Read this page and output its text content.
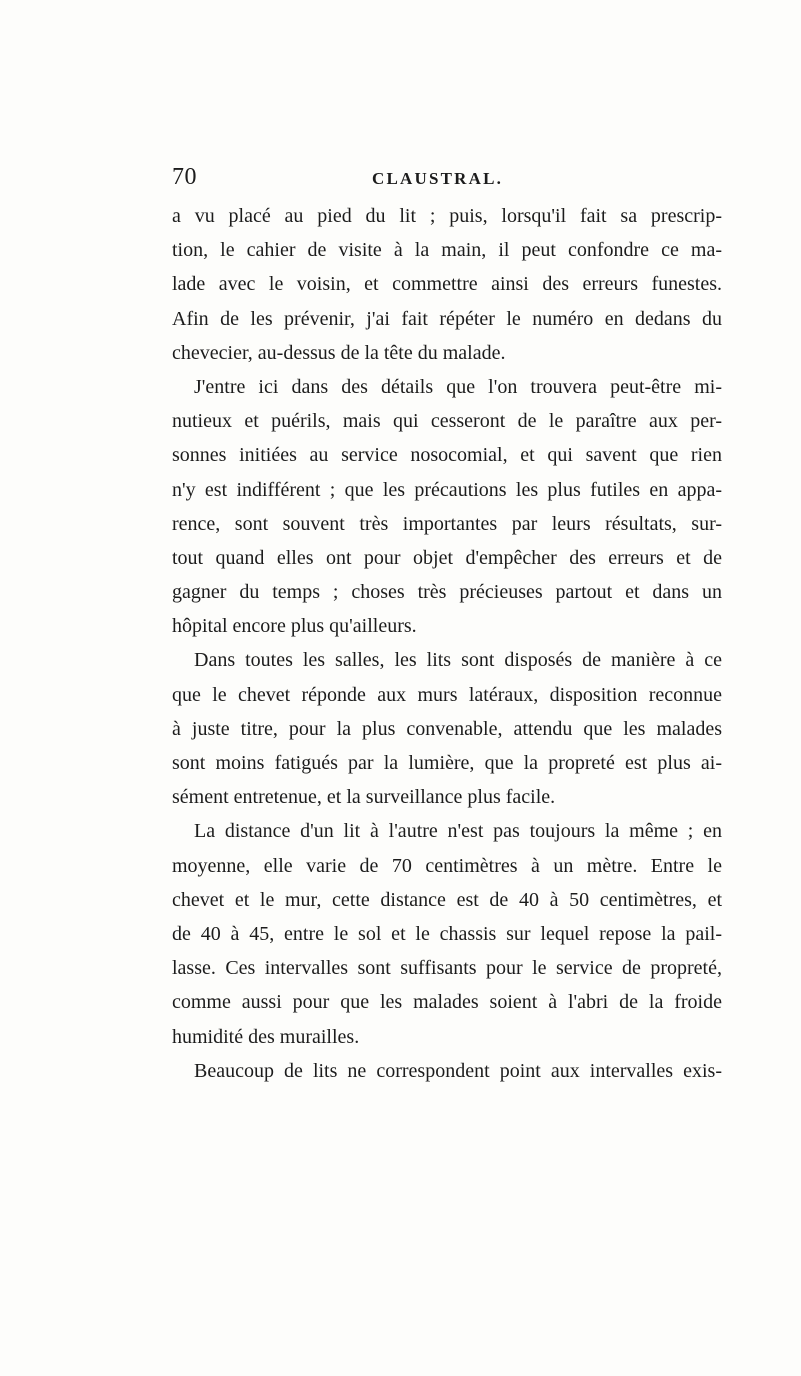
70	CLAUSTRAL.
a vu placé au pied du lit ; puis, lorsqu'il fait sa prescrip-
tion, le cahier de visite à la main, il peut confondre ce ma-
lade avec le voisin, et commettre ainsi des erreurs funestes.
Afin de les prévenir, j'ai fait répéter le numéro en dedans du
chevecier, au-dessus de la tête du malade.
J'entre ici dans des détails que l'on trouvera peut-être mi-
nutieux et puérils, mais qui cesseront de le paraître aux per-
sonnes initiées au service nosocomial, et qui savent que rien
n'y est indifférent ; que les précautions les plus futiles en appa-
rence, sont souvent très importantes par leurs résultats, sur-
tout quand elles ont pour objet d'empêcher des erreurs et de
gagner du temps ; choses très précieuses partout et dans un
hôpital encore plus qu'ailleurs.
Dans toutes les salles, les lits sont disposés de manière à ce
que le chevet réponde aux murs latéraux, disposition reconnue
à juste titre, pour la plus convenable, attendu que les malades
sont moins fatigués par la lumière, que la propreté est plus ai-
sément entretenue, et la surveillance plus facile.
La distance d'un lit à l'autre n'est pas toujours la même ; en
moyenne, elle varie de 70 centimètres à un mètre. Entre le
chevet et le mur, cette distance est de 40 à 50 centimètres, et
de 40 à 45, entre le sol et le chassis sur lequel repose la pail-
lasse. Ces intervalles sont suffisants pour le service de propreté,
comme aussi pour que les malades soient à l'abri de la froide
humidité des murailles.
Beaucoup de lits ne correspondent point aux intervalles exis-
